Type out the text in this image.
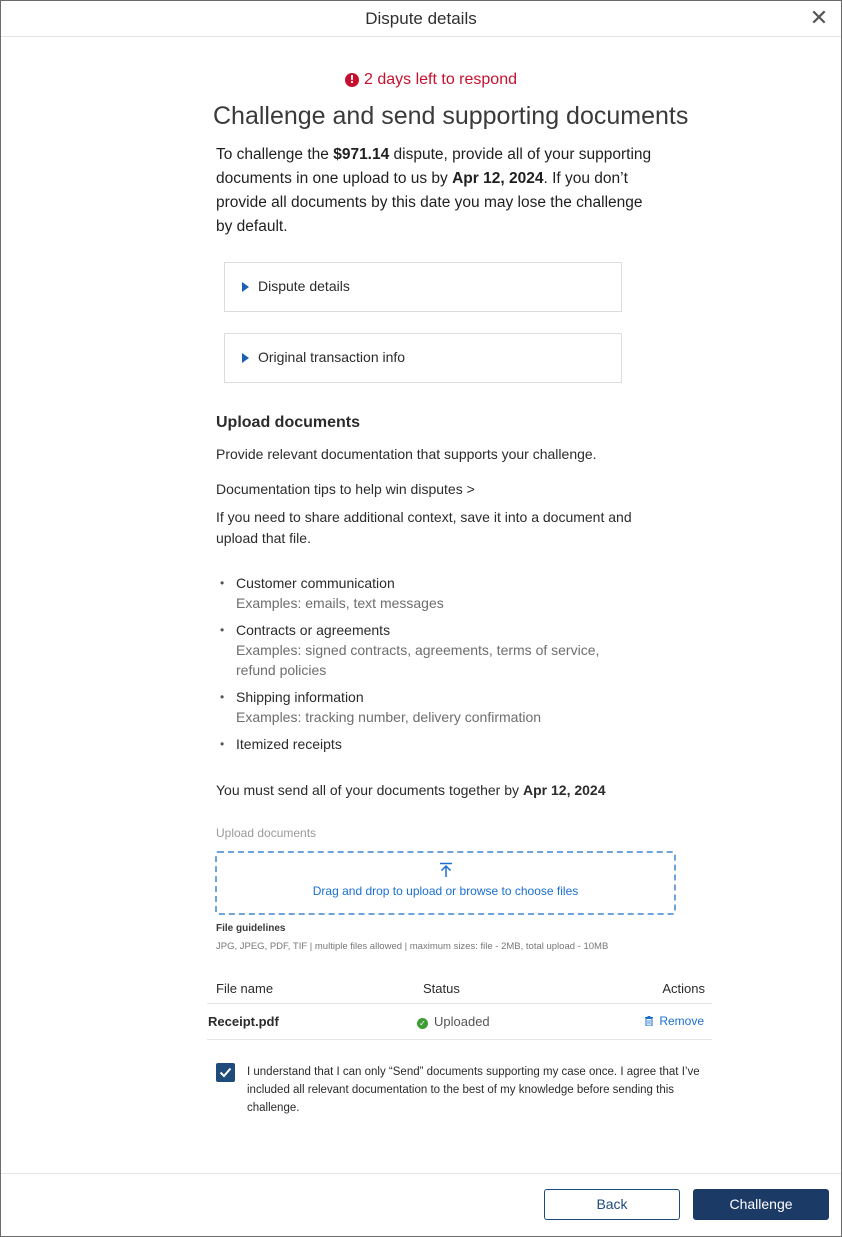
Dispute details	✕
! 2 days left to respond
Challenge and send supporting documents

To challenge the $971.14 dispute, provide all of your supporting documents in one upload to us by Apr 12, 2024. If you don’t provide all documents by this date you may lose the challenge by default.

Dispute details
Original transaction info
Upload documents
Provide relevant documentation that supports your challenge.
Documentation tips to help win disputes >
If you need to share additional context, save it into a document and upload that file.
• Customer communication
Examples: emails, text messages
• Contracts or agreements
Examples: signed contracts, agreements, terms of service, refund policies
• Shipping information
Examples: tracking number, delivery confirmation
• Itemized receipts
You must send all of your documents together by Apr 12, 2024
Upload documents
Drag and drop to upload or browse to choose files
File guidelines
JPG, JPEG, PDF, TIF | multiple files allowed | maximum sizes: file - 2MB, total upload - 10MB
File name	Status	Actions
Receipt.pdf	✓ Uploaded	Remove
I understand that I can only “Send” documents supporting my case once. I agree that I’ve included all relevant documentation to the best of my knowledge before sending this challenge.
Back	Challenge
